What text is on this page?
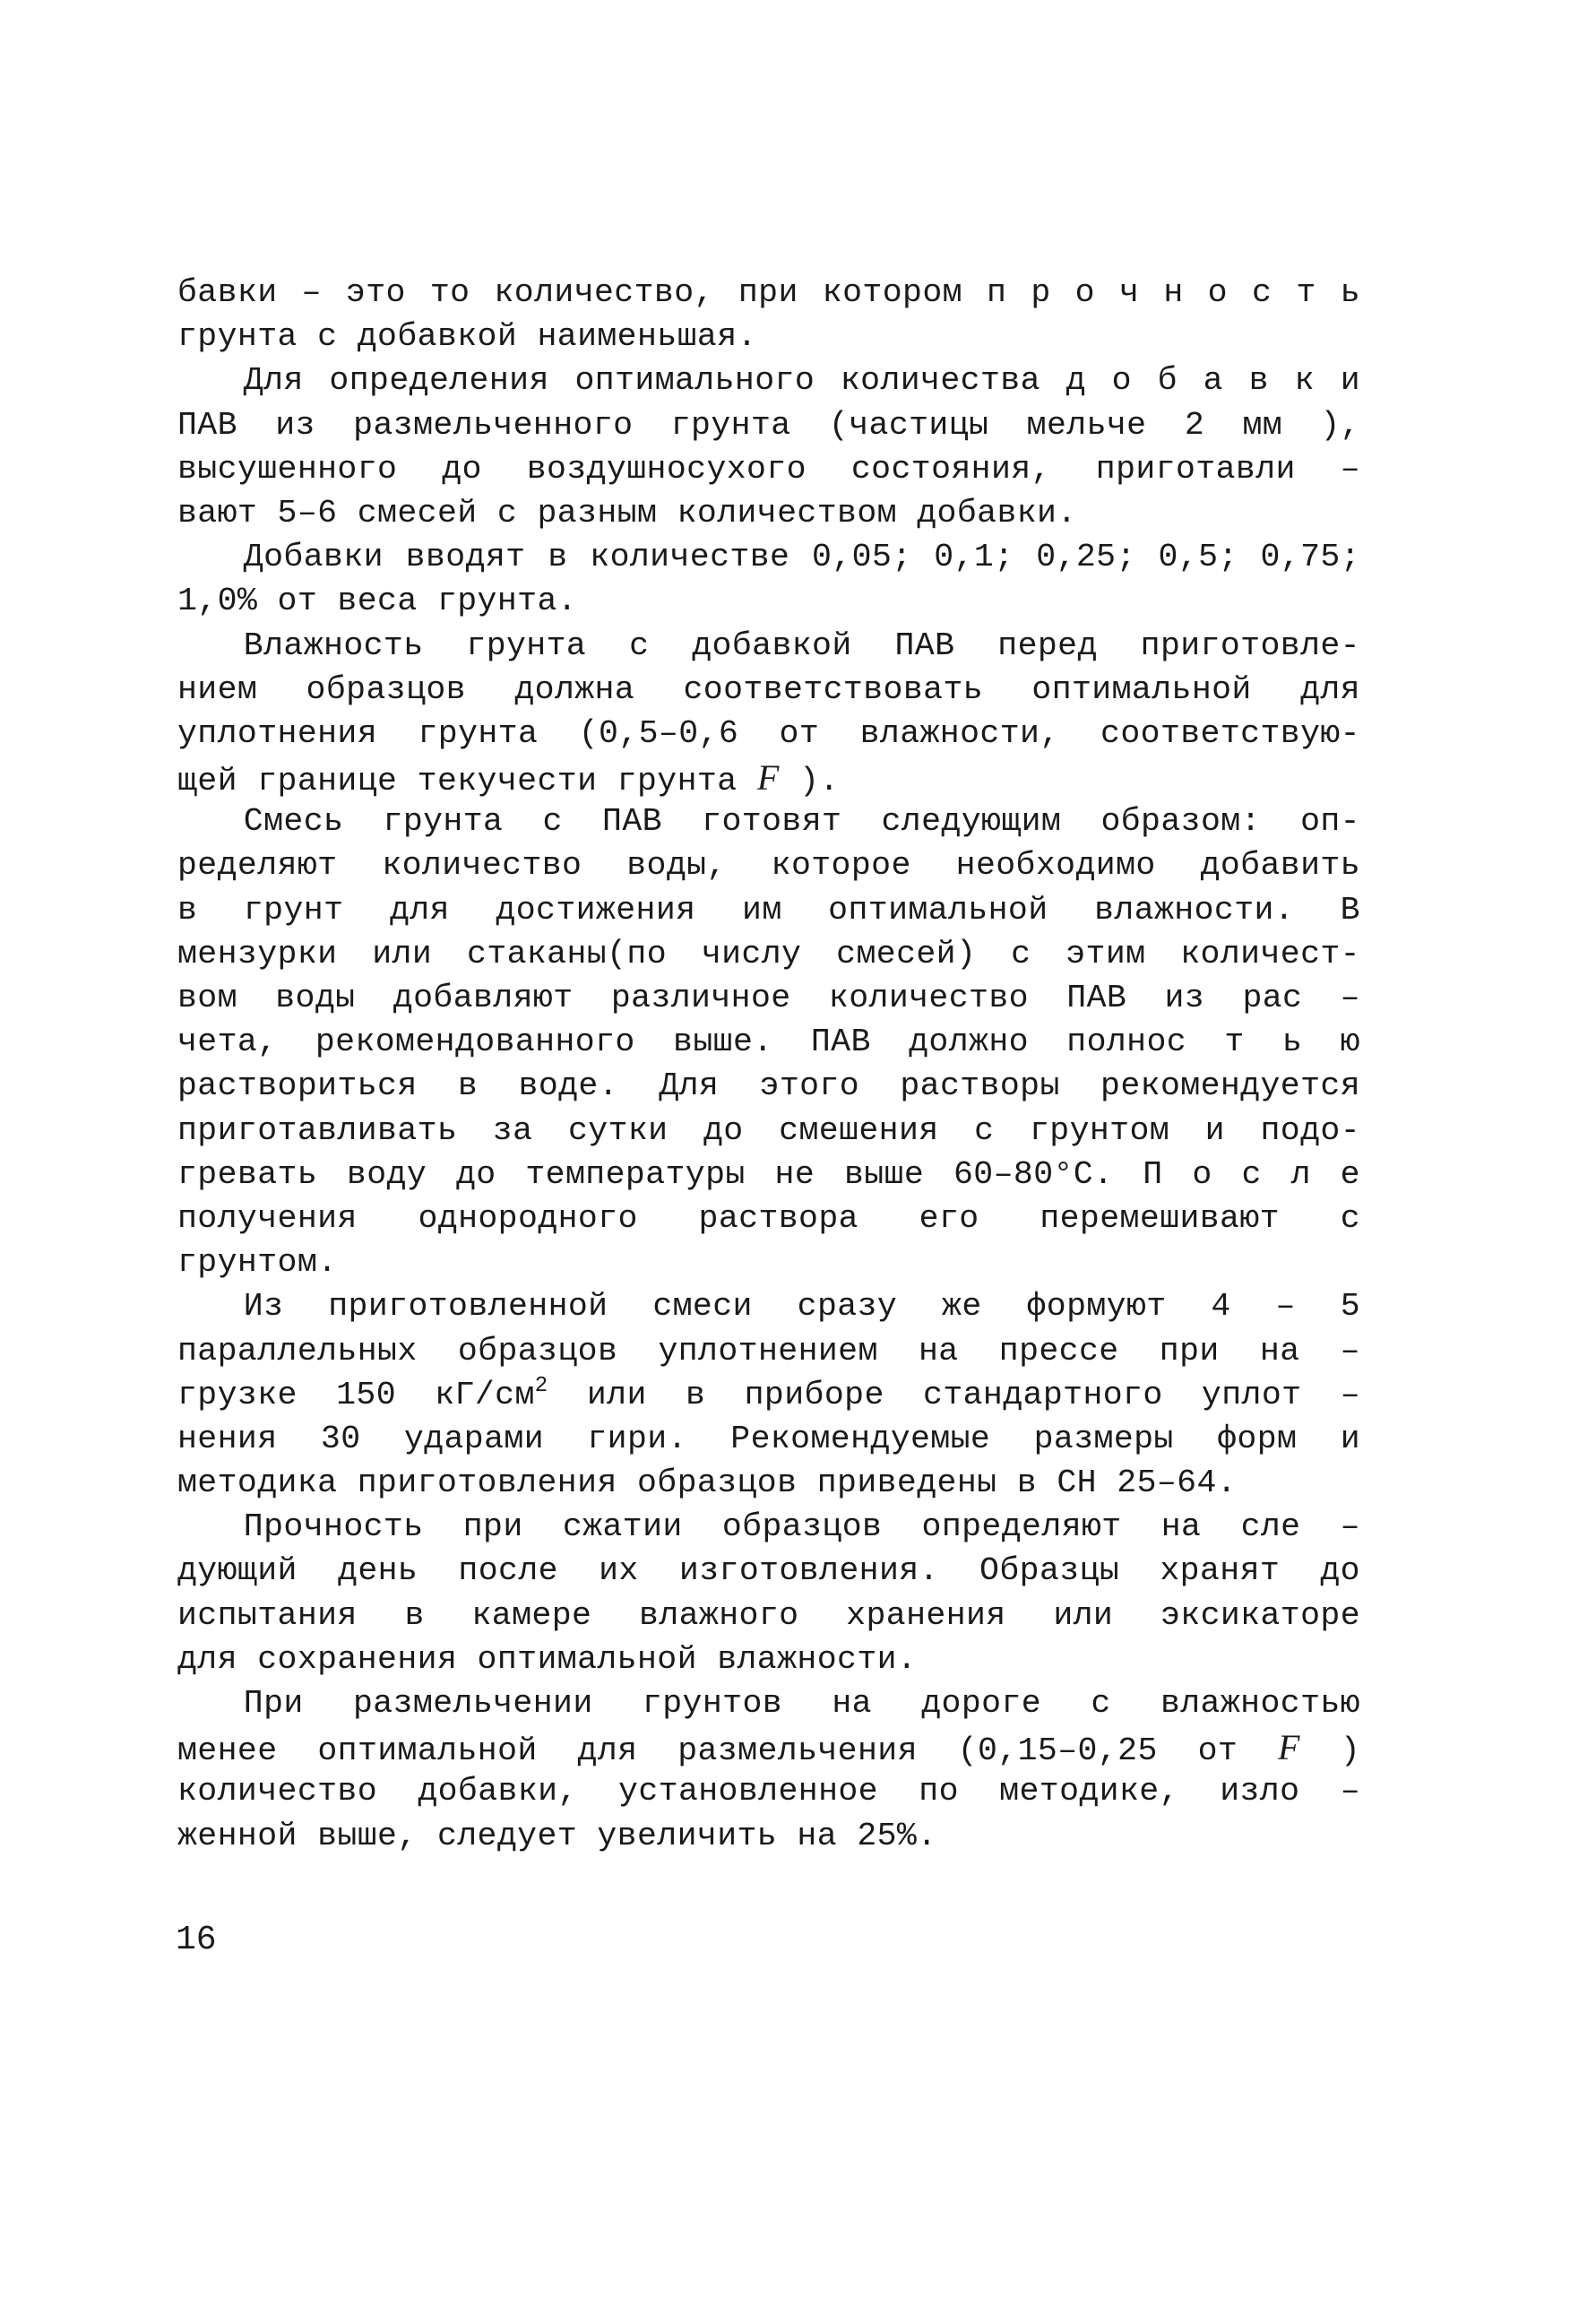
бавки – это то количество, при котором п р о ч н о с т ь
грунта с добавкой наименьшая.
  Для определения оптимального количества д о б а в к и
ПАВ из размельченного грунта (частицы мельче 2 мм ),
высушенного до воздушносухого состояния, приготавли –
вают 5–6 смесей с разным количеством добавки.
  Добавки вводят в количестве 0,05; 0,1; 0,25; 0,5; 0,75;
1,0% от веса грунта.
  Влажность грунта с добавкой ПАВ перед приготовле-
нием образцов должна соответствовать оптимальной для
уплотнения грунта (0,5–0,6 от влажности, соответствую-
щей границе текучести грунта F ).
  Смесь грунта с ПАВ готовят следующим образом: оп-
ределяют количество воды, которое необходимо добавить
в грунт для достижения им оптимальной влажности. В
мензурки или стаканы(по числу смесей) с этим количест-
вом воды добавляют различное количество ПАВ из рас –
чета, рекомендованного выше. ПАВ должно полнос т ь ю
раствориться в воде. Для этого растворы рекомендуется
приготавливать за сутки до смешения с грунтом и подо-
гревать воду до температуры не выше 60–80°С. П о с л е
получения однородного раствора его перемешивают с
грунтом.
  Из приготовленной смеси сразу же формуют 4 – 5
параллельных образцов уплотнением на прессе при на –
грузке 150 $кГ/см^2$ или в приборе стандартного уплот –
нения 30 ударами гири. Рекомендуемые размеры форм и
методика приготовления образцов приведены в СН 25–64.
  Прочность при сжатии образцов определяют на сле –
дующий день после их изготовления. Образцы хранят до
испытания в камере влажного хранения или эксикаторе
для сохранения оптимальной влажности.
  При размельчении грунтов на дороге с влажностью
менее оптимальной для размельчения (0,15–0,25 от F )
количество добавки, установленное по методике, изло –
женной выше, следует увеличить на 25%.
16
